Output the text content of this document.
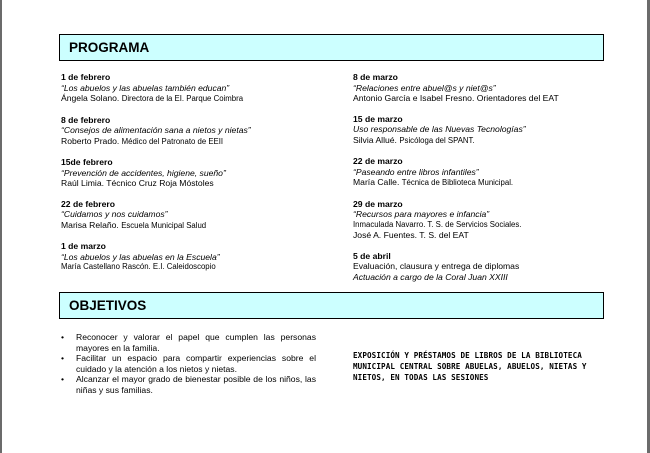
PROGRAMA
1 de febrero
“Los abuelos y las abuelas también educan”
Ángela Solano. Directora de la EI. Parque Coimbra
8 de febrero
“Consejos de alimentación sana a nietos y nietas”
Roberto Prado. Médico del Patronato de EEII
15de febrero
“Prevención de accidentes, higiene, sueño”
Raúl Limia. Técnico Cruz Roja Móstoles
22 de febrero
“Cuidamos y nos cuidamos”
Marisa Relaño. Escuela Municipal Salud
1 de marzo
“Los abuelos y las abuelas en la Escuela”
María Castellano Rascón. E.I. Caleidoscopio
8 de marzo
“Relaciones entre abuel@s y niet@s”
Antonio García e Isabel Fresno. Orientadores del EAT
15 de marzo
Uso responsable de las Nuevas Tecnologías”
Silvia Allué. Psicóloga del SPANT.
22 de marzo
“Paseando entre libros infantiles”
María Calle. Técnica de Biblioteca Municipal.
29 de marzo
“Recursos para mayores e infancia”
Inmaculada Navarro. T. S. de Servicios Sociales.
José A. Fuentes. T. S. del EAT
5 de abril
Evaluación, clausura y entrega de diplomas
Actuación a cargo de la Coral Juan XXIII
OBJETIVOS
• Reconocer y valorar el papel que cumplen las personas mayores en la familia.
• Facilitar un espacio para compartir experiencias sobre el cuidado y la atención a los nietos y nietas.
• Alcanzar el mayor grado de bienestar posible de los niños, las niñas y sus familias.
EXPOSICIÓN Y PRÉSTAMOS DE LIBROS DE LA BIBLIOTECA MUNICIPAL CENTRAL SOBRE ABUELAS, ABUELOS, NIETAS Y NIETOS, EN TODAS LAS SESIONES
